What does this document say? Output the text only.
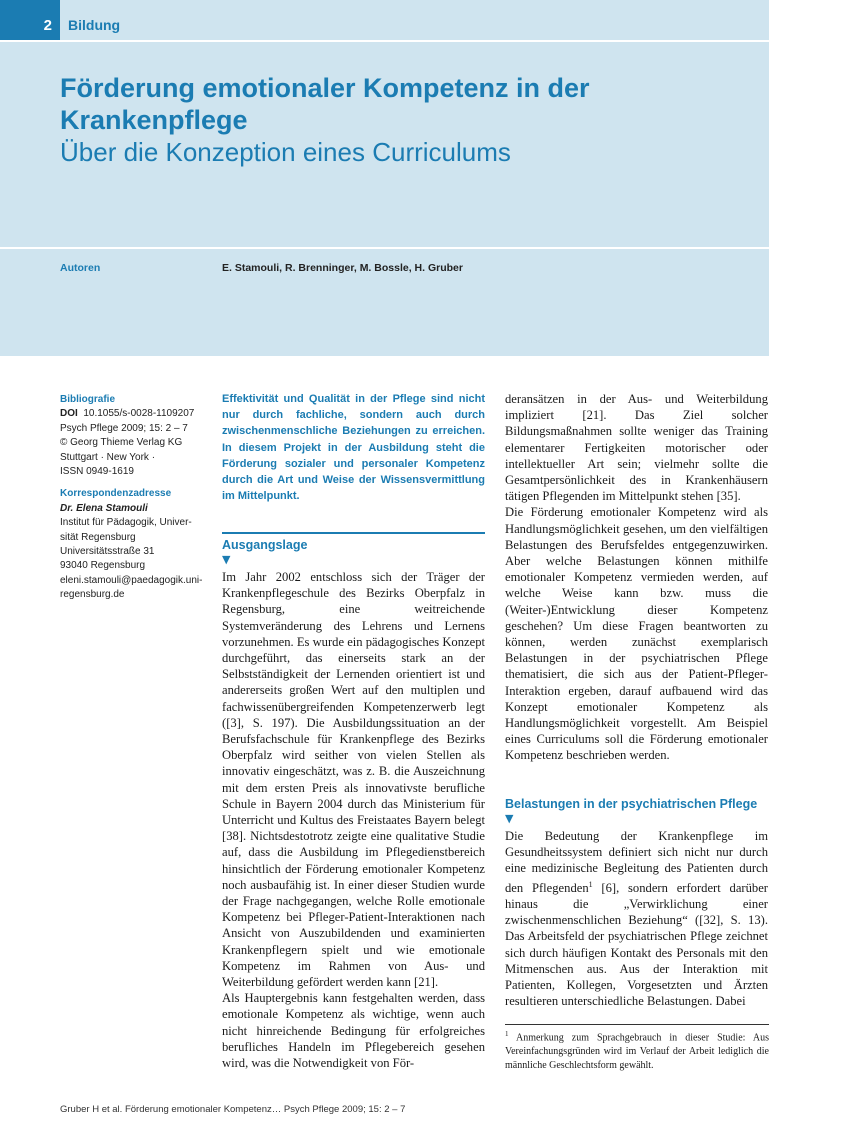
2 Bildung
Förderung emotionaler Kompetenz in der Krankenpflege
Über die Konzeption eines Curriculums
Autoren	E. Stamouli, R. Brenninger, M. Bossle, H. Gruber
Bibliografie
DOI 10.1055/s-0028-1109207
Psych Pflege 2009; 15: 2 – 7
© Georg Thieme Verlag KG
Stuttgart · New York ·
ISSN 0949-1619
Korrespondenzadresse
Dr. Elena Stamouli
Institut für Pädagogik, Univer-
sität Regensburg
Universitätsstraße 31
93040 Regensburg
eleni.stamouli@paedagogik.uni-
regensburg.de

Effektivität und Qualität in der Pflege sind nicht nur durch fachliche, sondern auch durch zwischenmenschliche Beziehungen zu erreichen. In diesem Projekt in der Ausbildung steht die Förderung sozialer und personaler Kompetenz durch die Art und Weise der Wissensvermittlung im Mittelpunkt.

Ausgangslage
▼

Im Jahr 2002 entschloss sich der Träger der Krankenpflegeschule des Bezirks Oberpfalz in Regensburg, eine weitreichende Systemveränderung des Lehrens und Lernens vorzunehmen. Es wurde ein pädagogisches Konzept durchgeführt, das einerseits stark an der Selbstständigkeit der Lernenden orientiert ist und andererseits großen Wert auf den multiplen und fachwissenübergreifenden Kompetenzerwerb legt ([3], S. 197). Die Ausbildungssituation an der Berufsfachschule für Krankenpflege des Bezirks Oberpfalz wird seither von vielen Stellen als innovativ eingeschätzt, was z. B. die Auszeichnung mit dem ersten Preis als innovativste berufliche Schule in Bayern 2004 durch das Ministerium für Unterricht und Kultus des Freistaates Bayern belegt [38]. Nichtsdestotrotz zeigte eine qualitative Studie auf, dass die Ausbildung im Pflegedienstbereich hinsichtlich der Förderung emotionaler Kompetenz noch ausbaufähig ist. In einer dieser Studien wurde der Frage nachgegangen, welche Rolle emotionale Kompetenz bei Pfleger-Patient-Interaktionen nach Ansicht von Auszubildenden und examinierten Krankenpflegern spielt und wie emotionale Kompetenz im Rahmen von Aus- und Weiterbildung gefördert werden kann [21].

Als Hauptergebnis kann festgehalten werden, dass emotionale Kompetenz als wichtige, wenn auch nicht hinreichende Bedingung für erfolgreiches berufliches Handeln im Pflegebereich gesehen wird, was die Notwendigkeit von För-

deransätzen in der Aus- und Weiterbildung impliziert [21]. Das Ziel solcher Bildungsmaßnahmen sollte weniger das Training elementarer Fertigkeiten motorischer oder intellektueller Art sein; vielmehr sollte die Gesamtpersönlichkeit des in Krankenhäusern tätigen Pflegenden im Mittelpunkt stehen [35].

Die Förderung emotionaler Kompetenz wird als Handlungsmöglichkeit gesehen, um den vielfältigen Belastungen des Berufsfeldes entgegenzuwirken. Aber welche Belastungen können mithilfe emotionaler Kompetenz vermieden werden, auf welche Weise kann bzw. muss die (Weiter-)Entwicklung dieser Kompetenz geschehen? Um diese Fragen beantworten zu können, werden zunächst exemplarisch Belastungen in der psychiatrischen Pflege thematisiert, die sich aus der Patient-Pfleger-Interaktion ergeben, darauf aufbauend wird das Konzept emotionaler Kompetenz als Handlungsmöglichkeit vorgestellt. Am Beispiel eines Curriculums soll die Förderung emotionaler Kompetenz beschrieben werden.

Belastungen in der psychiatrischen Pflege
▼

Die Bedeutung der Krankenpflege im Gesundheitssystem definiert sich nicht nur durch eine medizinische Begleitung des Patienten durch den Pflegenden$^1$ [6], sondern erfordert darüber hinaus die „Verwirklichung einer zwischenmenschlichen Beziehung“ ([32], S. 13). Das Arbeitsfeld der psychiatrischen Pflege zeichnet sich durch häufigen Kontakt des Personals mit den Mitmenschen aus. Aus der Interaktion mit Patienten, Kollegen, Vorgesetzten und Ärzten resultieren unterschiedliche Belastungen. Dabei

$^1$ Anmerkung zum Sprachgebrauch in dieser Studie: Aus Vereinfachungsgründen wird im Verlauf der Arbeit lediglich die männliche Geschlechtsform gewählt.
Gruber H et al. Förderung emotionaler Kompetenz… Psych Pflege 2009; 15: 2 – 7
